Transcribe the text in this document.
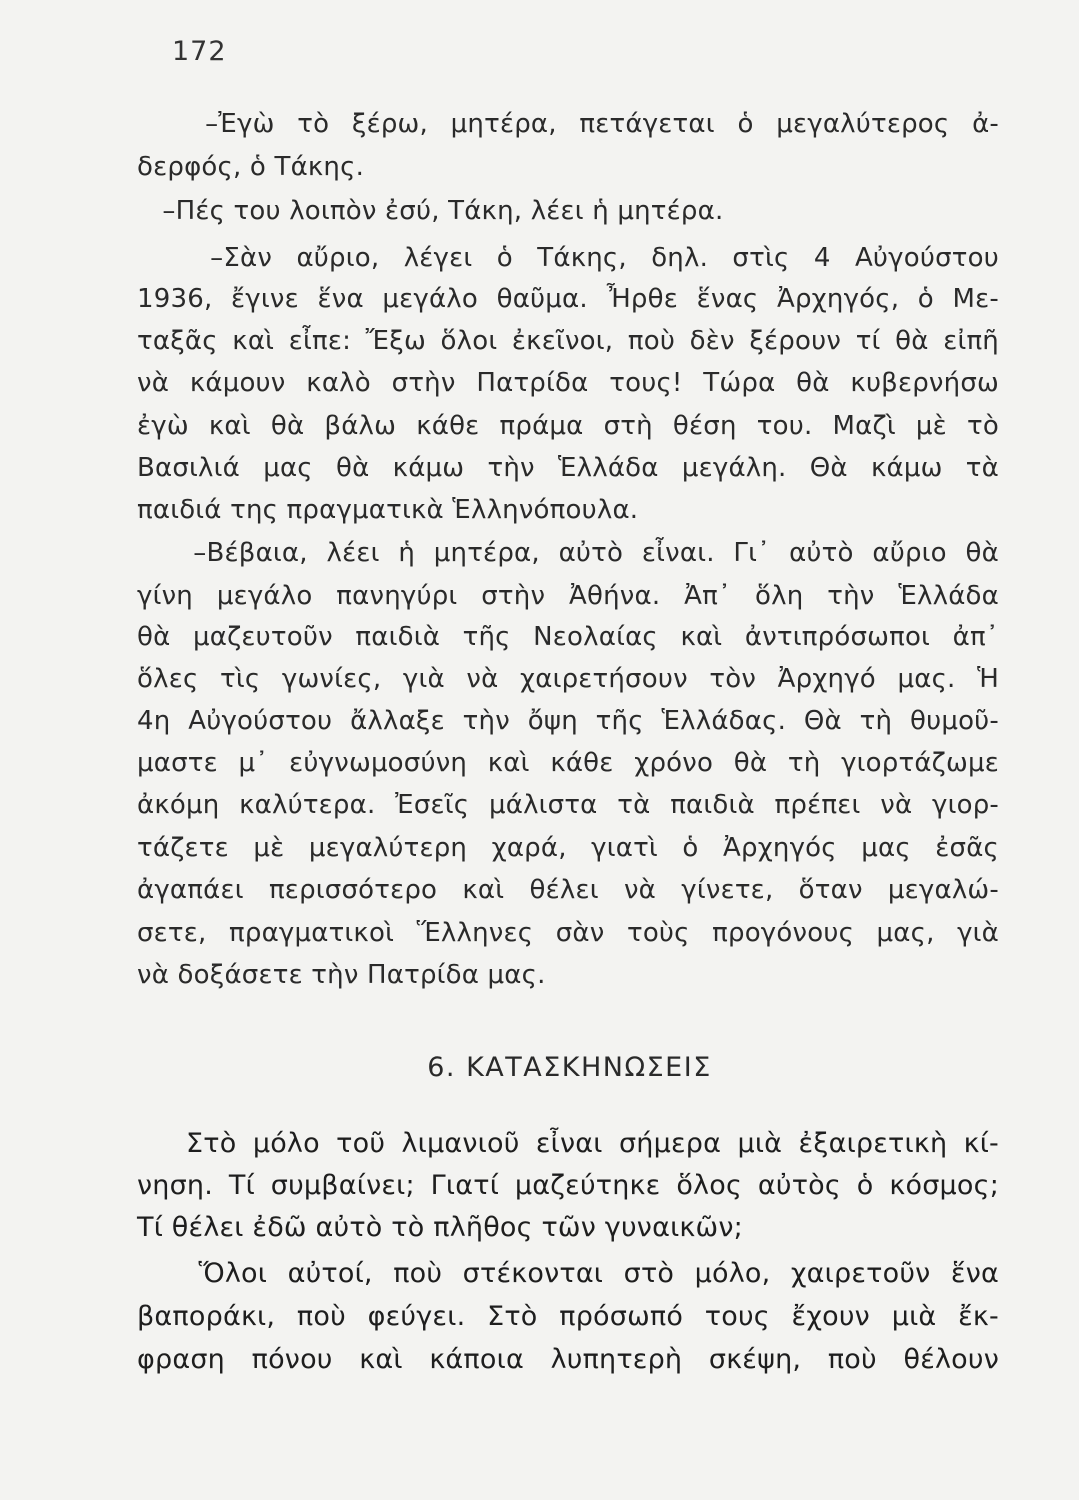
172
–Ἐγὼ τὸ ξέρω, μητέρα, πετάγεται ὁ μεγαλύτερος ἀ-
δερφός, ὁ Τάκης.
–Πές του λοιπὸν ἐσύ, Τάκη, λέει ἡ μητέρα.
–Σὰν αὔριο, λέγει ὁ Τάκης, δηλ. στὶς 4 Αὐγούστου
1936, ἔγινε ἕνα μεγάλο θαῦμα. Ἦρθε ἕνας Ἀρχηγός, ὁ Με-
ταξᾶς καὶ εἶπε: Ἔξω ὅλοι ἐκεῖνοι, ποὺ δὲν ξέρουν τί θὰ εἰπῆ
νὰ κάμουν καλὸ στὴν Πατρίδα τους! Τώρα θὰ κυβερνήσω
ἐγὼ καὶ θὰ βάλω κάθε πράμα στὴ θέση του. Μαζὶ μὲ τὸ
Βασιλιά μας θὰ κάμω τὴν Ἑλλάδα μεγάλη. Θὰ κάμω τὰ
παιδιά της πραγματικὰ Ἑλληνόπουλα.
–Βέβαια, λέει ἡ μητέρα, αὐτὸ εἶναι. Γι᾽ αὐτὸ αὔριο θὰ
γίνη μεγάλο πανηγύρι στὴν Ἀθήνα. Ἀπ᾽ ὅλη τὴν Ἑλλάδα
θὰ μαζευτοῦν παιδιὰ τῆς Νεολαίας καὶ ἀντιπρόσωποι ἀπ᾽
ὅλες τὶς γωνίες, γιὰ νὰ χαιρετήσουν τὸν Ἀρχηγό μας. Ἡ
4η Αὐγούστου ἄλλαξε τὴν ὄψη τῆς Ἑλλάδας. Θὰ τὴ θυμοῦ-
μαστε μ᾽ εὐγνωμοσύνη καὶ κάθε χρόνο θὰ τὴ γιορτάζωμε
ἀκόμη καλύτερα. Ἐσεῖς μάλιστα τὰ παιδιὰ πρέπει νὰ γιορ-
τάζετε μὲ μεγαλύτερη χαρά, γιατὶ ὁ Ἀρχηγός μας ἐσᾶς
ἀγαπάει περισσότερο καὶ θέλει νὰ γίνετε, ὅταν μεγαλώ-
σετε, πραγματικοὶ Ἕλληνες σὰν τοὺς προγόνους μας, γιὰ
νὰ δοξάσετε τὴν Πατρίδα μας.
6. ΚΑΤΑΣΚΗΝΩΣΕΙΣ
Στὸ μόλο τοῦ λιμανιοῦ εἶναι σήμερα μιὰ ἐξαιρετικὴ κί-
νηση. Τί συμβαίνει; Γιατί μαζεύτηκε ὅλος αὐτὸς ὁ κόσμος;
Τί θέλει ἐδῶ αὐτὸ τὸ πλῆθος τῶν γυναικῶν;
Ὅλοι αὐτοί, ποὺ στέκονται στὸ μόλο, χαιρετοῦν ἕνα
βαποράκι, ποὺ φεύγει. Στὸ πρόσωπό τους ἔχουν μιὰ ἔκ-
φραση πόνου καὶ κάποια λυπητερὴ σκέψη, ποὺ θέλουν
